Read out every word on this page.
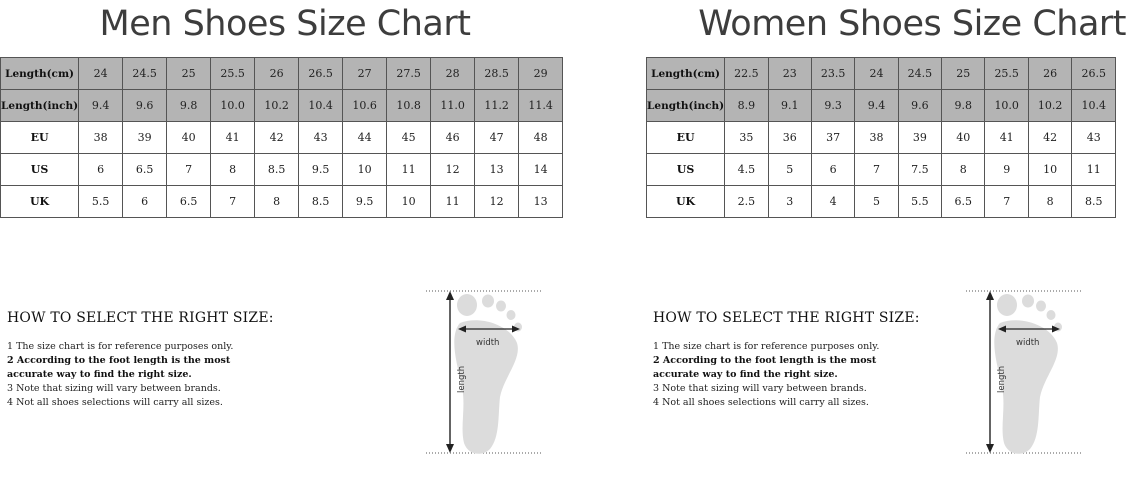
Men Shoes Size Chart
Length(cm)	24	24.5	25	25.5	26	26.5	27	27.5	28	28.5	29
Length(inch)	9.4	9.6	9.8	10.0	10.2	10.4	10.6	10.8	11.0	11.2	11.4
EU	38	39	40	41	42	43	44	45	46	47	48
US	6	6.5	7	8	8.5	9.5	10	11	12	13	14
UK	5.5	6	6.5	7	8	8.5	9.5	10	11	12	13
HOW TO SELECT THE RIGHT SIZE:
1 The size chart is for reference purposes only.
2 According to the foot length is the most
accurate way to find the right size.
3 Note that sizing will vary between brands.
4 Not all shoes selections will carry all sizes.
width
length
Women Shoes Size Chart
Length(cm)	22.5	23	23.5	24	24.5	25	25.5	26	26.5
Length(inch)	8.9	9.1	9.3	9.4	9.6	9.8	10.0	10.2	10.4
EU	35	36	37	38	39	40	41	42	43
US	4.5	5	6	7	7.5	8	9	10	11
UK	2.5	3	4	5	5.5	6.5	7	8	8.5
HOW TO SELECT THE RIGHT SIZE:
1 The size chart is for reference purposes only.
2 According to the foot length is the most
accurate way to find the right size.
3 Note that sizing will vary between brands.
4 Not all shoes selections will carry all sizes.
width
length
